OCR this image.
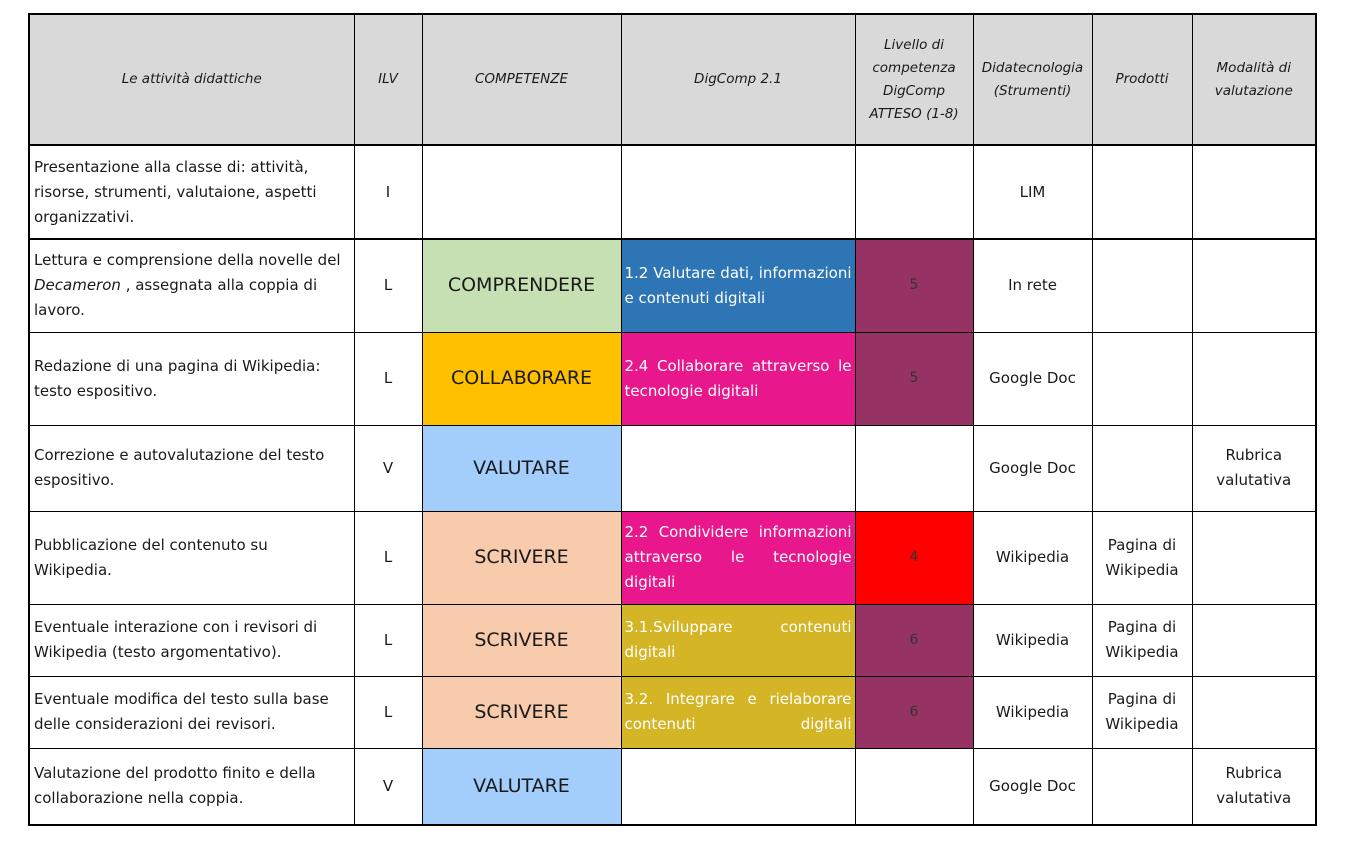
Le attività didattiche	ILV	COMPETENZE	DigComp 2.1	Livello di competenza DigComp ATTESO (1-8)	Didatecnologia (Strumenti)	Prodotti	Modalità di valutazione
Presentazione alla classe di: attività, risorse, strumenti, valutaione, aspetti organizzativi.	I				LIM		
Lettura e comprensione della novelle del Decameron , assegnata alla coppia di lavoro.	L	COMPRENDERE	1.2 Valutare dati, informazioni e contenuti digitali	5	In rete		
Redazione di una pagina di Wikipedia: testo espositivo.	L	COLLABORARE	2.4 Collaborare attraverso le tecnologie digitali	5	Google Doc		
Correzione e autovalutazione del testo espositivo.	V	VALUTARE			Google Doc		Rubrica valutativa
Pubblicazione del contenuto su Wikipedia.	L	SCRIVERE	2.2 Condividere informazioni attraverso le tecnologie digitali	4	Wikipedia	Pagina di Wikipedia	
Eventuale interazione con i revisori di Wikipedia (testo argomentativo).	L	SCRIVERE	3.1.Sviluppare contenuti digitali	6	Wikipedia	Pagina di Wikipedia	
Eventuale modifica del testo sulla base delle considerazioni dei revisori.	L	SCRIVERE	3.2. Integrare e rielaborare contenuti digitali	6	Wikipedia	Pagina di Wikipedia	
Valutazione del prodotto finito e della collaborazione nella coppia.	V	VALUTARE			Google Doc		Rubrica valutativa
